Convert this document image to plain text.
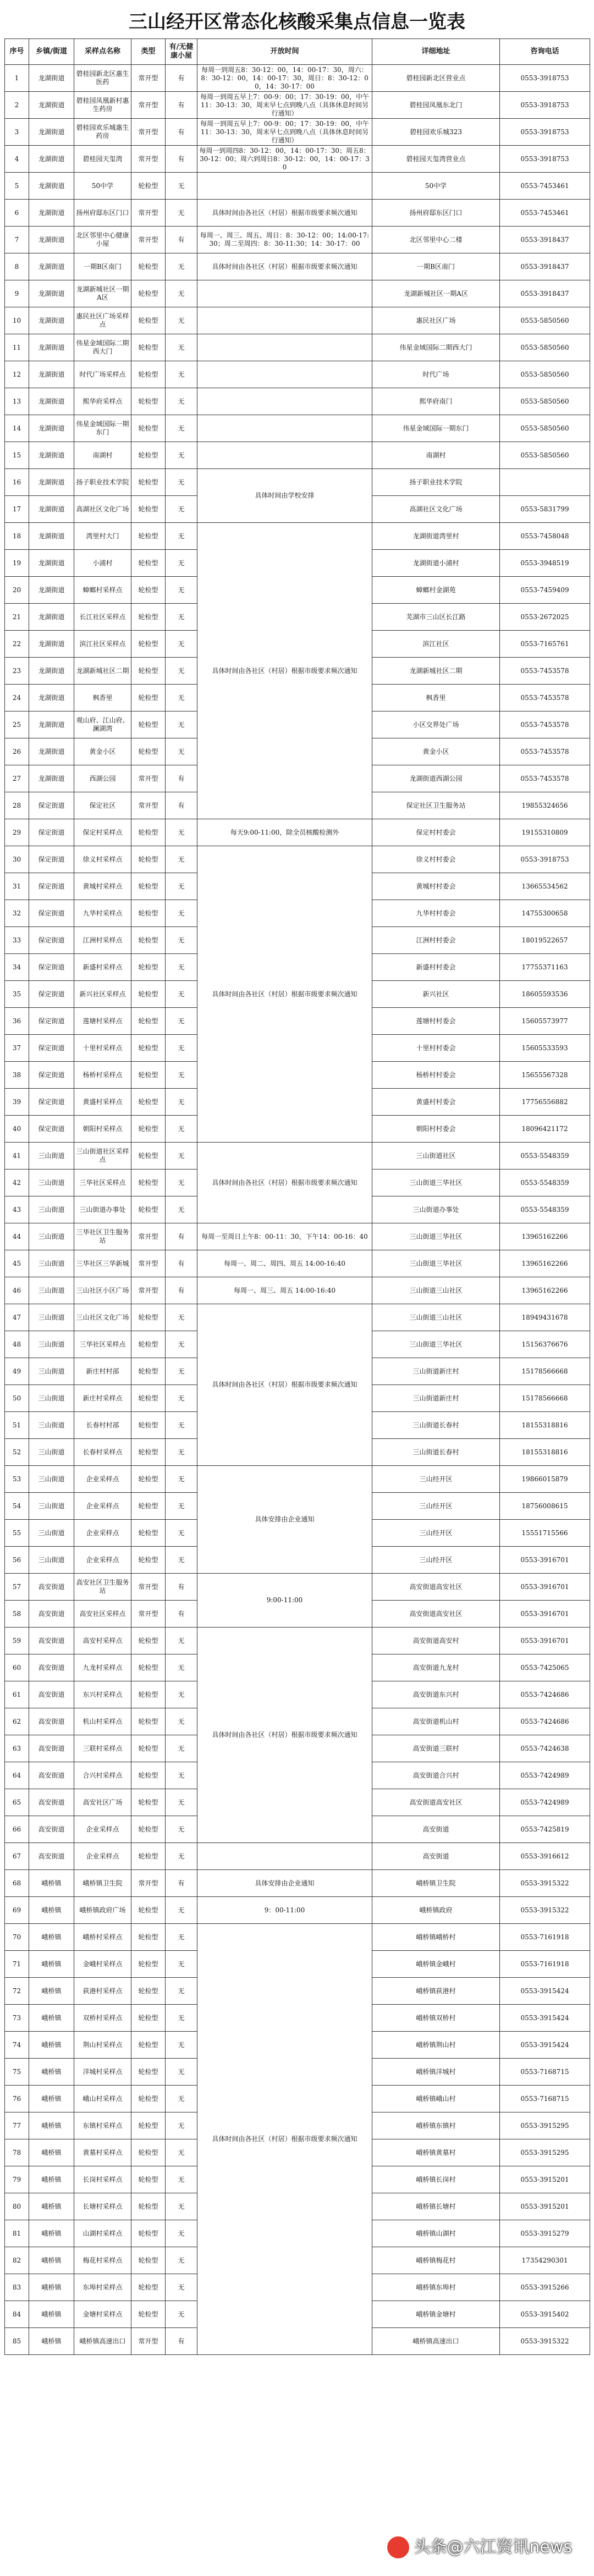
三山经开区常态化核酸采集点信息一览表
序号	乡镇/街道	采样点名称	类型	有/无健康小屋	开放时间	详细地址	咨询电话
1	龙湖街道	碧桂园新北区惠生医药	常开型	有	每周一到周五8：30-12：00，14：00-17：30，周六：8：30-12：00，14：00-17：30，周日：8：30-12：00，14：30-17：00	碧桂园新北区营业点	0553-3918753
2	龙湖街道	碧桂园凤凰新村惠生药房	常开型	有	每周一到周五早上7：00-9：00；17：30-19：00，中午11：30-13：30，周末早七点到晚八点（具体休息时间另行通知）	碧桂园凤凰东北门	0553-3918753
3	龙湖街道	碧桂园欢乐城惠生药房	常开型	有	每周一到周五早上7：00-9：00；17：30-19：00，中午11：30-13：30，周末早七点到晚八点（具体休息时间另行通知）	碧桂园欢乐城323	0553-3918753
4	龙湖街道	碧桂园天玺湾	常开型	有	每周一到周四8：30-12：00，14：00-17：30；周五8：30-12：00；周六到周日8：30-12：00，14：00-17：30	碧桂园天玺湾营业点	0553-3918753
5	龙湖街道	50中学	轮检型	无		50中学	0553-7453461
6	龙湖街道	扬州府邸东区门口	常开型	无	具体时间由各社区（村居）根据市级要求频次通知	扬州府邸东区门口	0553-7453461
7	龙湖街道	北区邻里中心健康小屋	常开型	有	每周一、周三、周五、周日：8：30-12：00；14:00-17:30；周二至周四：8：30-11:30；14：30-17：00	北区邻里中心二楼	0553-3918437
8	龙湖街道	一期B区南门	轮检型	无	具体时间由各社区（村居）根据市级要求频次通知	一期B区南门	0553-3918437
9	龙湖街道	龙湖新城社区一期A区	轮检型	无		龙湖新城社区一期A区	0553-3918437
10	龙湖街道	惠民社区广场采样点	轮检型	无		惠民社区广场	0553-5850560
11	龙湖街道	伟星金域国际二期西大门	轮检型	无		伟星金域国际二期西大门	0553-5850560
12	龙湖街道	时代广场采样点	轮检型	无		时代广场	0553-5850560
13	龙湖街道	熙华府采样点	轮检型	无		熙华府南门	0553-5850560
14	龙湖街道	伟星金域国际一期东门	轮检型	无		伟星金域国际一期东门	0553-5850560
15	龙湖街道	南湖村	轮检型	无		南湖村	0553-5850560
16	龙湖街道	扬子职业技术学院	轮检型	无	具体时间由学校安排	扬子职业技术学院	
17	龙湖街道	高湖社区文化广场	轮检型	无		高湖社区文化广场	0553-5831799
18	龙湖街道	湾里村大门	轮检型	无	具体时间由各社区（村居）根据市级要求频次通知	龙湖街道湾里村	0553-7458048
19	龙湖街道	小浦村	轮检型	无		龙湖街道小浦村	0553-3948519
20	龙湖街道	蟑螂村采样点	轮检型	无		蟑螂村金湖苑	0553-7459409
21	龙湖街道	长江社区采样点	轮检型	无		芜湖市三山区长江路	0553-2672025
22	龙湖街道	滨江社区采样点	轮检型	无		滨江社区	0553-7165761
23	龙湖街道	龙湖新城社区二期	轮检型	无		龙湖新城社区二期	0553-7453578
24	龙湖街道	枫香里	轮检型	无		枫香里	0553-7453578
25	龙湖街道	观山府、江山府、澜湖湾	轮检型	无		小区交界处广场	0553-7453578
26	龙湖街道	黄金小区	轮检型	无		黄金小区	0553-7453578
27	龙湖街道	西湖公园	常开型	有		龙湖街道西湖公园	0553-7453578
28	保定街道	保定社区	常开型	有		保定社区卫生服务站	19855324656
29	保定街道	保定村采样点	轮检型	无	每天9:00-11:00，除全员核酸检测外	保定村村委会	19155310809
30	保定街道	徐义村采样点	轮检型	无	具体时间由各社区（村居）根据市级要求频次通知	徐义村村委会	0553-3918753
31	保定街道	黄城村采样点	轮检型	无		黄城村村委会	13665534562
32	保定街道	九华村采样点	轮检型	无		九华村村委会	14755300658
33	保定街道	江洲村采样点	轮检型	无		江洲村村委会	18019522657
34	保定街道	新盛村采样点	轮检型	无		新盛村村委会	17755371163
35	保定街道	新兴社区采样点	轮检型	无		新兴社区	18605593536
36	保定街道	莲塘村采样点	轮检型	无		莲塘村村委会	15605573977
37	保定街道	十里村采样点	轮检型	无		十里村村委会	15605533593
38	保定街道	杨桥村采样点	轮检型	无		杨桥村村委会	15655567328
39	保定街道	黄盛村采样点	轮检型	无		黄盛村村委会	17756556882
40	保定街道	朝阳村采样点	轮检型	无		朝阳村村委会	18096421172
41	三山街道	三山街道社区采样点	轮检型	无	具体时间由各社区（村居）根据市级要求频次通知	三山街道社区	0553-5548359
42	三山街道	三华社区采样点	轮检型	无		三山街道三华社区	0553-5548359
43	三山街道	三山街道办事处	轮检型	无		三山街道办事处	0553-5548359
44	三山街道	三华社区卫生服务站	常开型	有	每周一至周日上午8：00-11：30，下午14：00-16：40	三山街道三华社区	13965162266
45	三山街道	三华社区三华新城	常开型	有	每周一、周二、周四、周五 14:00-16:40	三山街道三华社区	13965162266
46	三山街道	三山社区小区广场	常开型	有	每周一、周三、周五 14:00-16:40	三山街道三山社区	13965162266
47	三山街道	三山社区文化广场	轮检型	无	具体时间由各社区（村居）根据市级要求频次通知	三山街道三山社区	18949431678
48	三山街道	三华社区采样点	轮检型	无		三山街道三华社区	15156376676
49	三山街道	新庄村村部	轮检型	无		三山街道新庄村	15178566668
50	三山街道	新庄村采样点	轮检型	无		三山街道新庄村	15178566668
51	三山街道	长春村村部	轮检型	无		三山街道长春村	18155318816
52	三山街道	长春村采样点	轮检型	无		三山街道长春村	18155318816
53	三山街道	企业采样点	轮检型	无	具体安排由企业通知	三山经开区	19866015879
54	三山街道	企业采样点	轮检型	无		三山经开区	18756008615
55	三山街道	企业采样点	轮检型	无		三山经开区	15551715566
56	三山街道	企业采样点	轮检型	无		三山经开区	0553-3916701
57	高安街道	高安社区卫生服务站	常开型	有	9:00-11:00	高安街道高安社区	0553-3916701
58	高安街道	高安社区采样点	常开型	有		高安街道高安社区	0553-3916701
59	高安街道	高安村采样点	轮检型	无	具体时间由各社区（村居）根据市级要求频次通知	高安街道高安村	0553-3916701
60	高安街道	九龙村采样点	轮检型	无		高安街道九龙村	0553-7425065
61	高安街道	东兴村采样点	轮检型	无		高安街道东兴村	0553-7424686
62	高安街道	机山村采样点	轮检型	无		高安街道机山村	0553-7424686
63	高安街道	三联村采样点	轮检型	无		高安街道三联村	0553-7424638
64	高安街道	合兴村采样点	轮检型	无		高安街道合兴村	0553-7424989
65	高安街道	高安社区广场	轮检型	无		高安街道高安社区	0553-7424989
66	高安街道	企业采样点	轮检型	无		高安街道	0553-7425819
67	高安街道	企业采样点	轮检型	无		高安街道	0553-3916612
68	峨桥镇	峨桥镇卫生院	常开型	有	具体安排由企业通知	峨桥镇卫生院	0553-3915322
69	峨桥镇	峨桥镇政府广场	轮检型	无	9：00-11:00	峨桥镇政府	0553-3915322
70	峨桥镇	峨桥村采样点	轮检型	无	具体时间由各社区（村居）根据市级要求频次通知	峨桥镇峨桥村	0553-7161918
71	峨桥镇	金峨村采样点	轮检型	无		峨桥镇金峨村	0553-7161918
72	峨桥镇	荻港村采样点	轮检型	无		峨桥镇荻港村	0553-3915424
73	峨桥镇	双桥村采样点	轮检型	无		峨桥镇双桥村	0553-3915424
74	峨桥镇	荆山村采样点	轮检型	无		峨桥镇荆山村	0553-3915424
75	峨桥镇	洋城村采样点	轮检型	无		峨桥镇洋城村	0553-7168715
76	峨桥镇	峨山村采样点	轮检型	无		峨桥镇峨山村	0553-7168715
77	峨桥镇	东镇村采样点	轮检型	无		峨桥镇东镇村	0553-3915295
78	峨桥镇	黄墓村采样点	轮检型	无		峨桥镇黄墓村	0553-3915295
79	峨桥镇	长岗村采样点	轮检型	无		峨桥镇长岗村	0553-3915201
80	峨桥镇	长塘村采样点	轮检型	无		峨桥镇长塘村	0553-3915201
81	峨桥镇	山湖村采样点	轮检型	无		峨桥镇山湖村	0553-3915279
82	峨桥镇	梅花村采样点	轮检型	无		峨桥镇梅花村	17354290301
83	峨桥镇	东埠村采样点	轮检型	无		峨桥镇东埠村	0553-3915266
84	峨桥镇	金塘村采样点	轮检型	无		峨桥镇金塘村	0553-3915402
85	峨桥镇	峨桥镇高速出口	常开型	有		峨桥镇高速出口	0553-3915322
头条@六江资讯news
